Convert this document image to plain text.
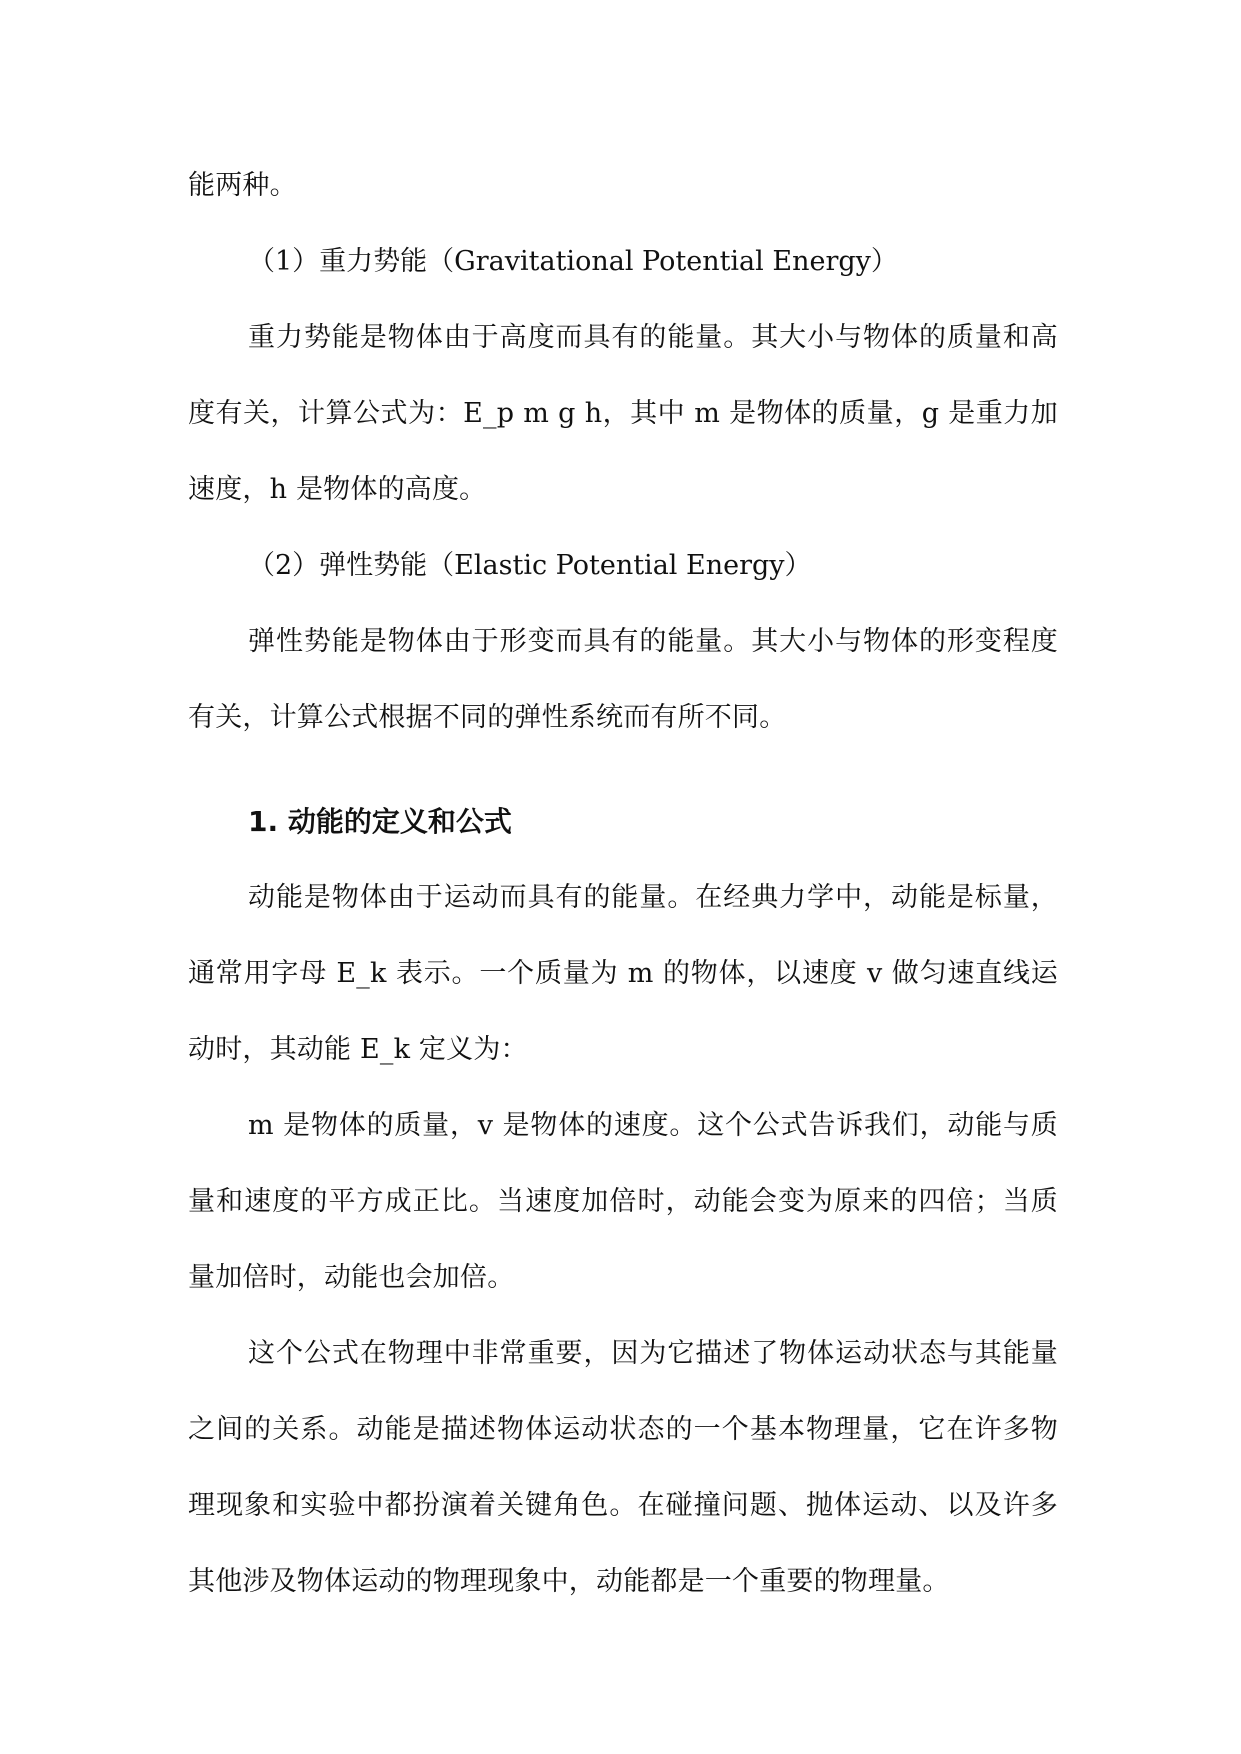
能两种。

（1）重力势能（Gravitational Potential Energy）

重力势能是物体由于高度而具有的能量。其大小与物体的质量和高度有关，计算公式为：E_p m g h，其中 m 是物体的质量，g 是重力加速度，h 是物体的高度。

（2）弹性势能（Elastic Potential Energy）

弹性势能是物体由于形变而具有的能量。其大小与物体的形变程度有关，计算公式根据不同的弹性系统而有所不同。

1. 动能的定义和公式

动能是物体由于运动而具有的能量。在经典力学中，动能是标量，通常用字母 E_k 表示。一个质量为 m 的物体，以速度 v 做匀速直线运动时，其动能 E_k 定义为：

m 是物体的质量，v 是物体的速度。这个公式告诉我们，动能与质量和速度的平方成正比。当速度加倍时，动能会变为原来的四倍；当质量加倍时，动能也会加倍。

这个公式在物理中非常重要，因为它描述了物体运动状态与其能量之间的关系。动能是描述物体运动状态的一个基本物理量，它在许多物理现象和实验中都扮演着关键角色。在碰撞问题、抛体运动、以及许多其他涉及物体运动的物理现象中，动能都是一个重要的物理量。
